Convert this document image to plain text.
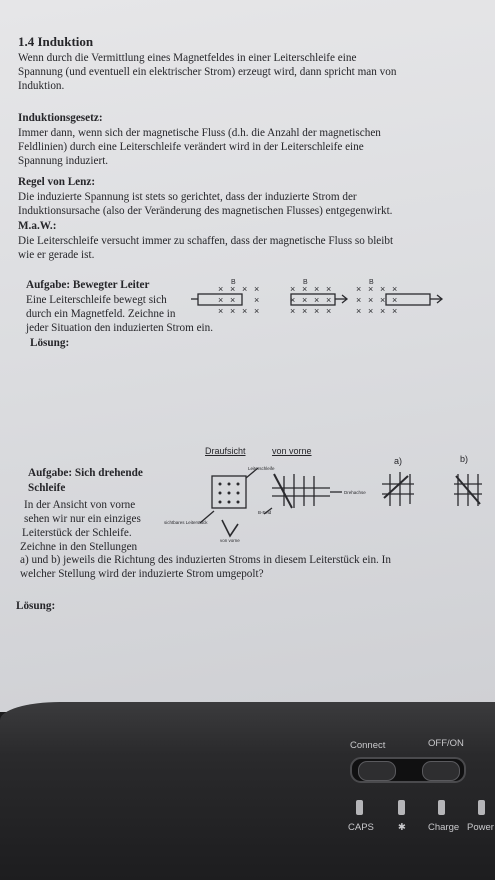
1.4 Induktion
Wenn durch die Vermittlung eines Magnetfeldes in einer Leiterschleife eine
Spannung (und eventuell ein elektrischer Strom) erzeugt wird, dann spricht man von
Induktion.
Induktionsgesetz:
Immer dann, wenn sich der magnetische Fluss (d.h. die Anzahl der magnetischen
Feldlinien) durch eine Leiterschleife verändert wird in der Leiterschleife eine
Spannung induziert.
Regel von Lenz:
Die induzierte Spannung ist stets so gerichtet, dass der induzierte Strom der
Induktionsursache (also der Veränderung des magnetischen Flusses) entgegenwirkt.
M.a.W.:
Die Leiterschleife versucht immer zu schaffen, dass der magnetische Fluss so bleibt
wie er gerade ist.
Aufgabe: Bewegter Leiter
Eine Leiterschleife bewegt sich
durch ein Magnetfeld. Zeichne in
jeder Situation den induzierten Strom ein.
Lösung:
× × × ×
B
× × ×
× × × ×
× × × ×
B
× × × ×
× × × ×
× × × ×
B
× × × ×
× × × ×
Draufsicht	von vorne
a)	b)
Leiterschleife
Drehachse
B-Feld
sichtbares Leiterstück
von vorne
Aufgabe: Sich drehende
Schleife
In der Ansicht von vorne
sehen wir nur ein einziges
Leiterstück der Schleife.
Zeichne in den Stellungen
a) und b) jeweils die Richtung des induzierten Stroms in diesem Leiterstück ein. In
welcher Stellung wird der induzierte Strom umgepolt?
Lösung:
Connect	OFF/ON
CAPS	✱ Charge Power
